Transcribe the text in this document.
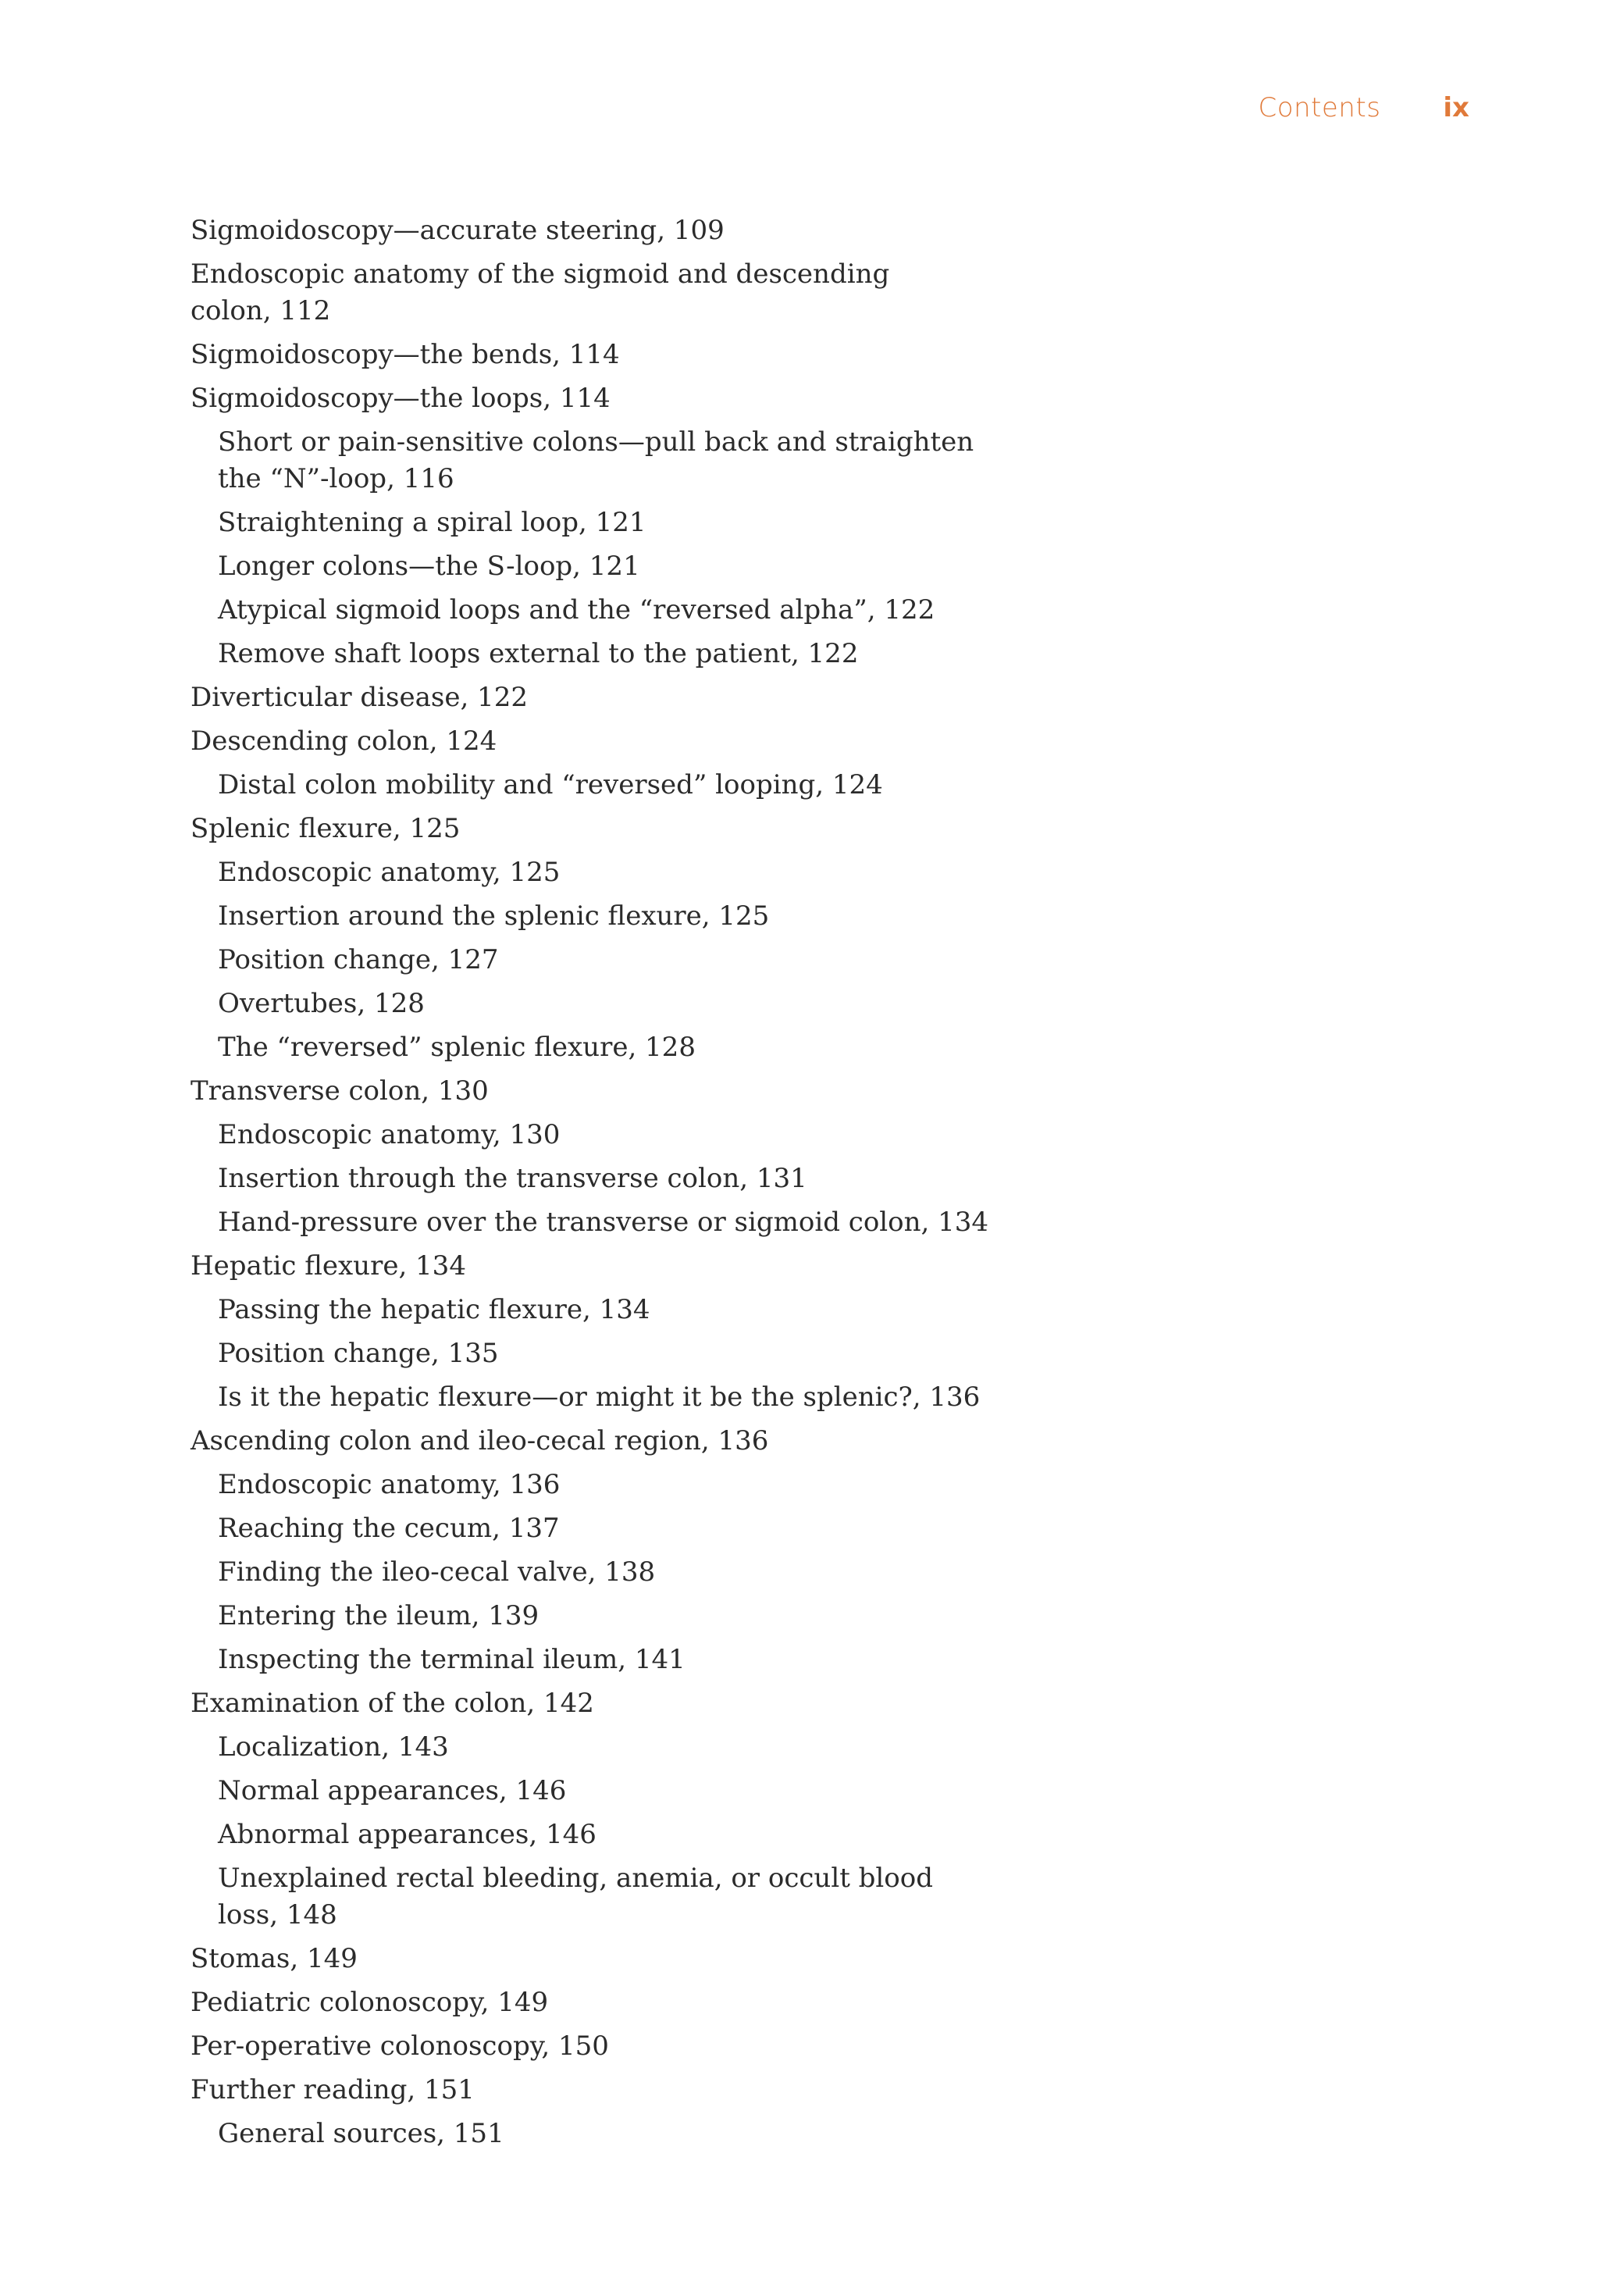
Contents ix
Sigmoidoscopy—accurate steering, 109
Endoscopic anatomy of the sigmoid and descending colon, 112
Sigmoidoscopy—the bends, 114
Sigmoidoscopy—the loops, 114
Short or pain-sensitive colons—pull back and straighten the “N”-loop, 116
Straightening a spiral loop, 121
Longer colons—the S-loop, 121
Atypical sigmoid loops and the “reversed alpha”, 122
Remove shaft loops external to the patient, 122
Diverticular disease, 122
Descending colon, 124
Distal colon mobility and “reversed” looping, 124
Splenic flexure, 125
Endoscopic anatomy, 125
Insertion around the splenic flexure, 125
Position change, 127
Overtubes, 128
The “reversed” splenic flexure, 128
Transverse colon, 130
Endoscopic anatomy, 130
Insertion through the transverse colon, 131
Hand-pressure over the transverse or sigmoid colon, 134
Hepatic flexure, 134
Passing the hepatic flexure, 134
Position change, 135
Is it the hepatic flexure—or might it be the splenic?, 136
Ascending colon and ileo-cecal region, 136
Endoscopic anatomy, 136
Reaching the cecum, 137
Finding the ileo-cecal valve, 138
Entering the ileum, 139
Inspecting the terminal ileum, 141
Examination of the colon, 142
Localization, 143
Normal appearances, 146
Abnormal appearances, 146
Unexplained rectal bleeding, anemia, or occult blood loss, 148
Stomas, 149
Pediatric colonoscopy, 149
Per-operative colonoscopy, 150
Further reading, 151
General sources, 151
